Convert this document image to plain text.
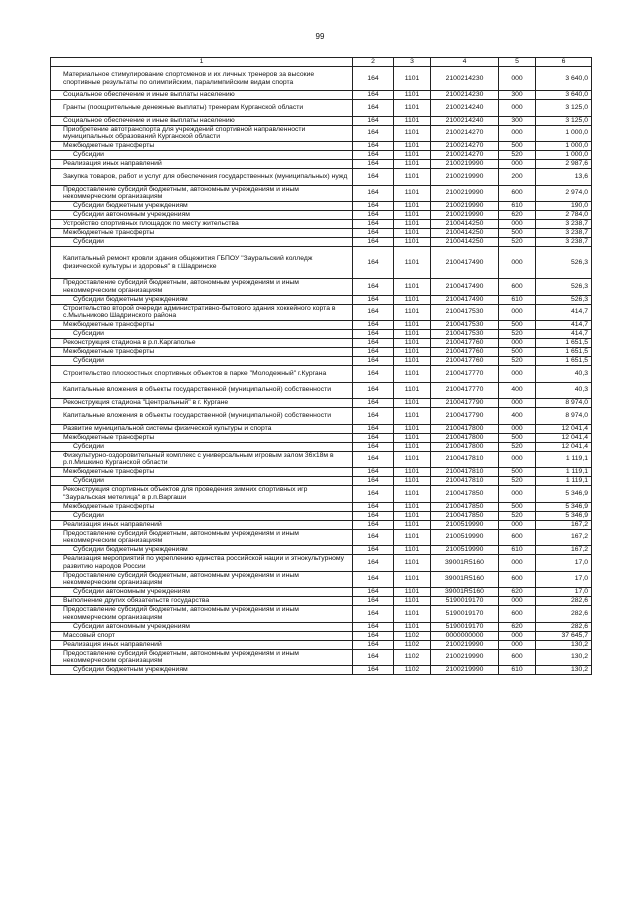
99
1	2	3	4	5	6
Материальное стимулирование спортсменов и их личных тренеров за высокие спортивные результаты по олимпийским, паралимпийским видам спорта	164	1101	2100214230	000	3 640,0
Социальное обеспечение и иные выплаты населению	164	1101	2100214230	300	3 640,0
Гранты (поощрительные денежные выплаты) тренерам Курганской области	164	1101	2100214240	000	3 125,0
Социальное обеспечение и иные выплаты населению	164	1101	2100214240	300	3 125,0
Приобретение автотранспорта для учреждений спортивной направленности муниципальных образований Курганской области	164	1101	2100214270	000	1 000,0
Межбюджетные трансферты	164	1101	2100214270	500	1 000,0
Субсидии	164	1101	2100214270	520	1 000,0
Реализация иных направлений	164	1101	2100219990	000	2 987,6
Закупка товаров, работ и услуг для обеспечения государственных (муниципальных) нужд	164	1101	2100219990	200	13,6
Предоставление субсидий бюджетным, автономным учреждениям и иным некоммерческим организациям	164	1101	2100219990	600	2 974,0
Субсидии бюджетным учреждениям	164	1101	2100219990	610	190,0
Субсидии автономным учреждениям	164	1101	2100219990	620	2 784,0
Устройство спортивных площадок по месту жительства	164	1101	2100414250	000	3 238,7
Межбюджетные трансферты	164	1101	2100414250	500	3 238,7
Субсидии	164	1101	2100414250	520	3 238,7
Капитальный ремонт кровли здания общежития ГБПОУ "Зауральский колледж физической культуры и здоровья" в г.Шадринске	164	1101	2100417490	000	526,3
Предоставление субсидий бюджетным, автономным учреждениям и иным некоммерческим организациям	164	1101	2100417490	600	526,3
Субсидии бюджетным учреждениям	164	1101	2100417490	610	526,3
Строительство второй очереди административно-бытового здания хоккейного корта в с.Мыльниково Шадринского района	164	1101	2100417530	000	414,7
Межбюджетные трансферты	164	1101	2100417530	500	414,7
Субсидии	164	1101	2100417530	520	414,7
Реконструкция стадиона в р.п.Каргаполье	164	1101	2100417760	000	1 651,5
Межбюджетные трансферты	164	1101	2100417760	500	1 651,5
Субсидии	164	1101	2100417760	520	1 651,5
Строительство плоскостных спортивных объектов в парке "Молодежный" г.Кургана	164	1101	2100417770	000	40,3
Капитальные вложения в объекты государственной (муниципальной) собственности	164	1101	2100417770	400	40,3
Реконструкция стадиона "Центральный" в г. Кургане	164	1101	2100417790	000	8 974,0
Капитальные вложения в объекты государственной (муниципальной) собственности	164	1101	2100417790	400	8 974,0
Развитие муниципальной системы физической культуры и спорта	164	1101	2100417800	000	12 041,4
Межбюджетные трансферты	164	1101	2100417800	500	12 041,4
Субсидии	164	1101	2100417800	520	12 041,4
Физкультурно-оздоровительный комплекс с универсальным игровым залом 36х18м в р.п.Мишкино Курганской области	164	1101	2100417810	000	1 119,1
Межбюджетные трансферты	164	1101	2100417810	500	1 119,1
Субсидии	164	1101	2100417810	520	1 119,1
Реконструкция спортивных объектов для проведения зимних спортивных игр "Зауральская метелица" в р.п.Варгаши	164	1101	2100417850	000	5 346,9
Межбюджетные трансферты	164	1101	2100417850	500	5 346,9
Субсидии	164	1101	2100417850	520	5 346,9
Реализация иных направлений	164	1101	2100519990	000	167,2
Предоставление субсидий бюджетным, автономным учреждениям и иным некоммерческим организациям	164	1101	2100519990	600	167,2
Субсидии бюджетным учреждениям	164	1101	2100519990	610	167,2
Реализация мероприятий по укреплению единства российской нации и этнокультурному развитию народов России	164	1101	39001R5160	000	17,0
Предоставление субсидий бюджетным, автономным учреждениям и иным некоммерческим организациям	164	1101	39001R5160	600	17,0
Субсидии автономным учреждениям	164	1101	39001R5160	620	17,0
Выполнение других обязательств государства	164	1101	5190019170	000	282,6
Предоставление субсидий бюджетным, автономным учреждениям и иным некоммерческим организациям	164	1101	5190019170	600	282,6
Субсидии автономным учреждениям	164	1101	5190019170	620	282,6
Массовый спорт	164	1102	0000000000	000	37 645,7
Реализация иных направлений	164	1102	2100219990	000	130,2
Предоставление субсидий бюджетным, автономным учреждениям и иным некоммерческим организациям	164	1102	2100219990	600	130,2
Субсидии бюджетным учреждениям	164	1102	2100219990	610	130,2
